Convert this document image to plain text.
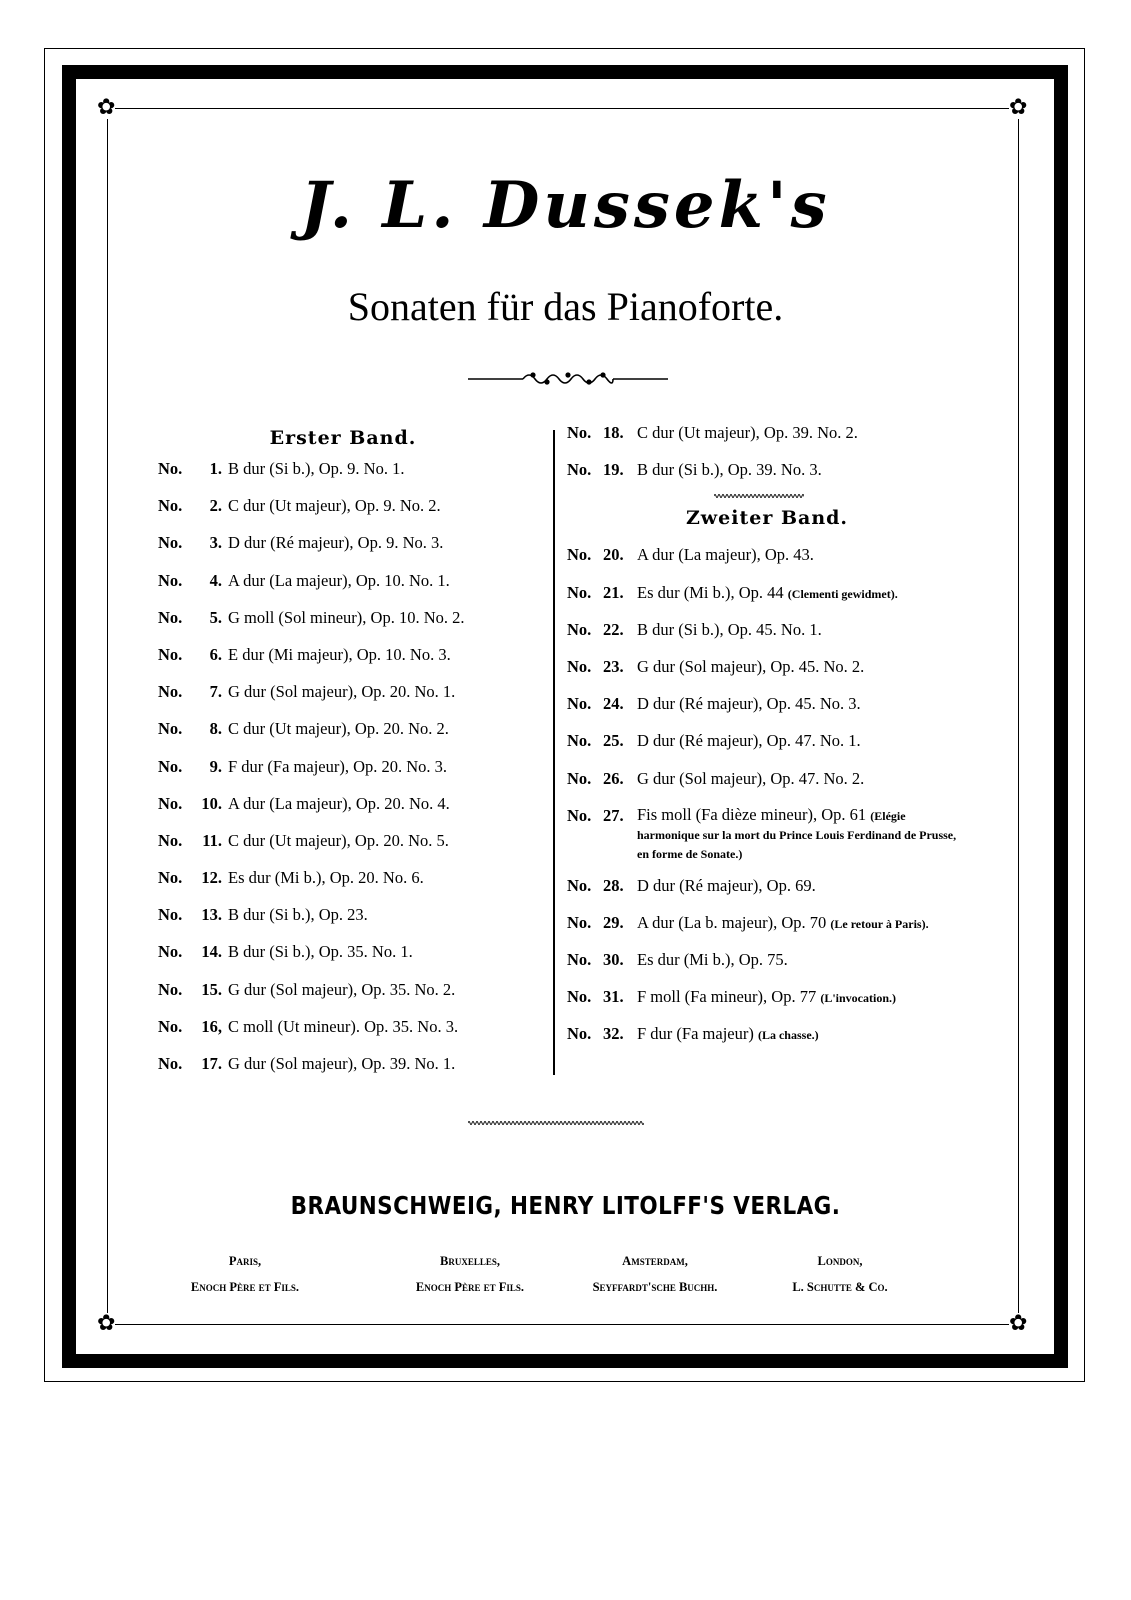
✿	✿
✿	✿
J. L. Dussek's
Sonaten für das Pianoforte.
Erster Band.
No.	1. B dur (Si b.), Op. 9. No. 1.
No.	2. C dur (Ut majeur), Op. 9. No. 2.
No.	3. D dur (Ré majeur), Op. 9. No. 3.
No.	4. A dur (La majeur), Op. 10. No. 1.
No.	5. G moll (Sol mineur), Op. 10. No. 2.
No.	6. E dur (Mi majeur), Op. 10. No. 3.
No.	7. G dur (Sol majeur), Op. 20. No. 1.
No.	8. C dur (Ut majeur), Op. 20. No. 2.
No.	9. F dur (Fa majeur), Op. 20. No. 3.
No.	10. A dur (La majeur), Op. 20. No. 4.
No.	11. C dur (Ut majeur), Op. 20. No. 5.
No.	12. Es dur (Mi b.), Op. 20. No. 6.
No.	13. B dur (Si b.), Op. 23.
No.	14. B dur (Si b.), Op. 35. No. 1.
No.	15. G dur (Sol majeur), Op. 35. No. 2.
No.	16, C moll (Ut mineur). Op. 35. No. 3.
No.	17. G dur (Sol majeur), Op. 39. No. 1.
No. 18. C dur (Ut majeur), Op. 39. No. 2.
No. 19. B dur (Si b.), Op. 39. No. 3.
Zweiter Band.
No. 20. A dur (La majeur), Op. 43.
No. 21. Es dur (Mi b.), Op. 44 (Clementi gewidmet).
No. 22. B dur (Si b.), Op. 45. No. 1.
No. 23. G dur (Sol majeur), Op. 45. No. 2.
No. 24. D dur (Ré majeur), Op. 45. No. 3.
No. 25. D dur (Ré majeur), Op. 47. No. 1.
No. 26. G dur (Sol majeur), Op. 47. No. 2.
No. 27. Fis moll (Fa dièze mineur), Op. 61 (Elégie harmonique sur la mort du Prince Louis Ferdinand de Prusse, en forme de Sonate.)
No. 28. D dur (Ré majeur), Op. 69.
No. 29. A dur (La b. majeur), Op. 70 (Le retour à Paris).
No. 30. Es dur (Mi b.), Op. 75.
No. 31. F moll (Fa mineur), Op. 77 (L'invocation.)
No. 32. F dur (Fa majeur) (La chasse.)
BRAUNSCHWEIG, HENRY LITOLFF'S VERLAG.
Paris,
Enoch Père et Fils.
Bruxelles,
Enoch Père et Fils.
Amsterdam,
Seyffardt'sche Buchh.
London,
L. Schutte & Co.
